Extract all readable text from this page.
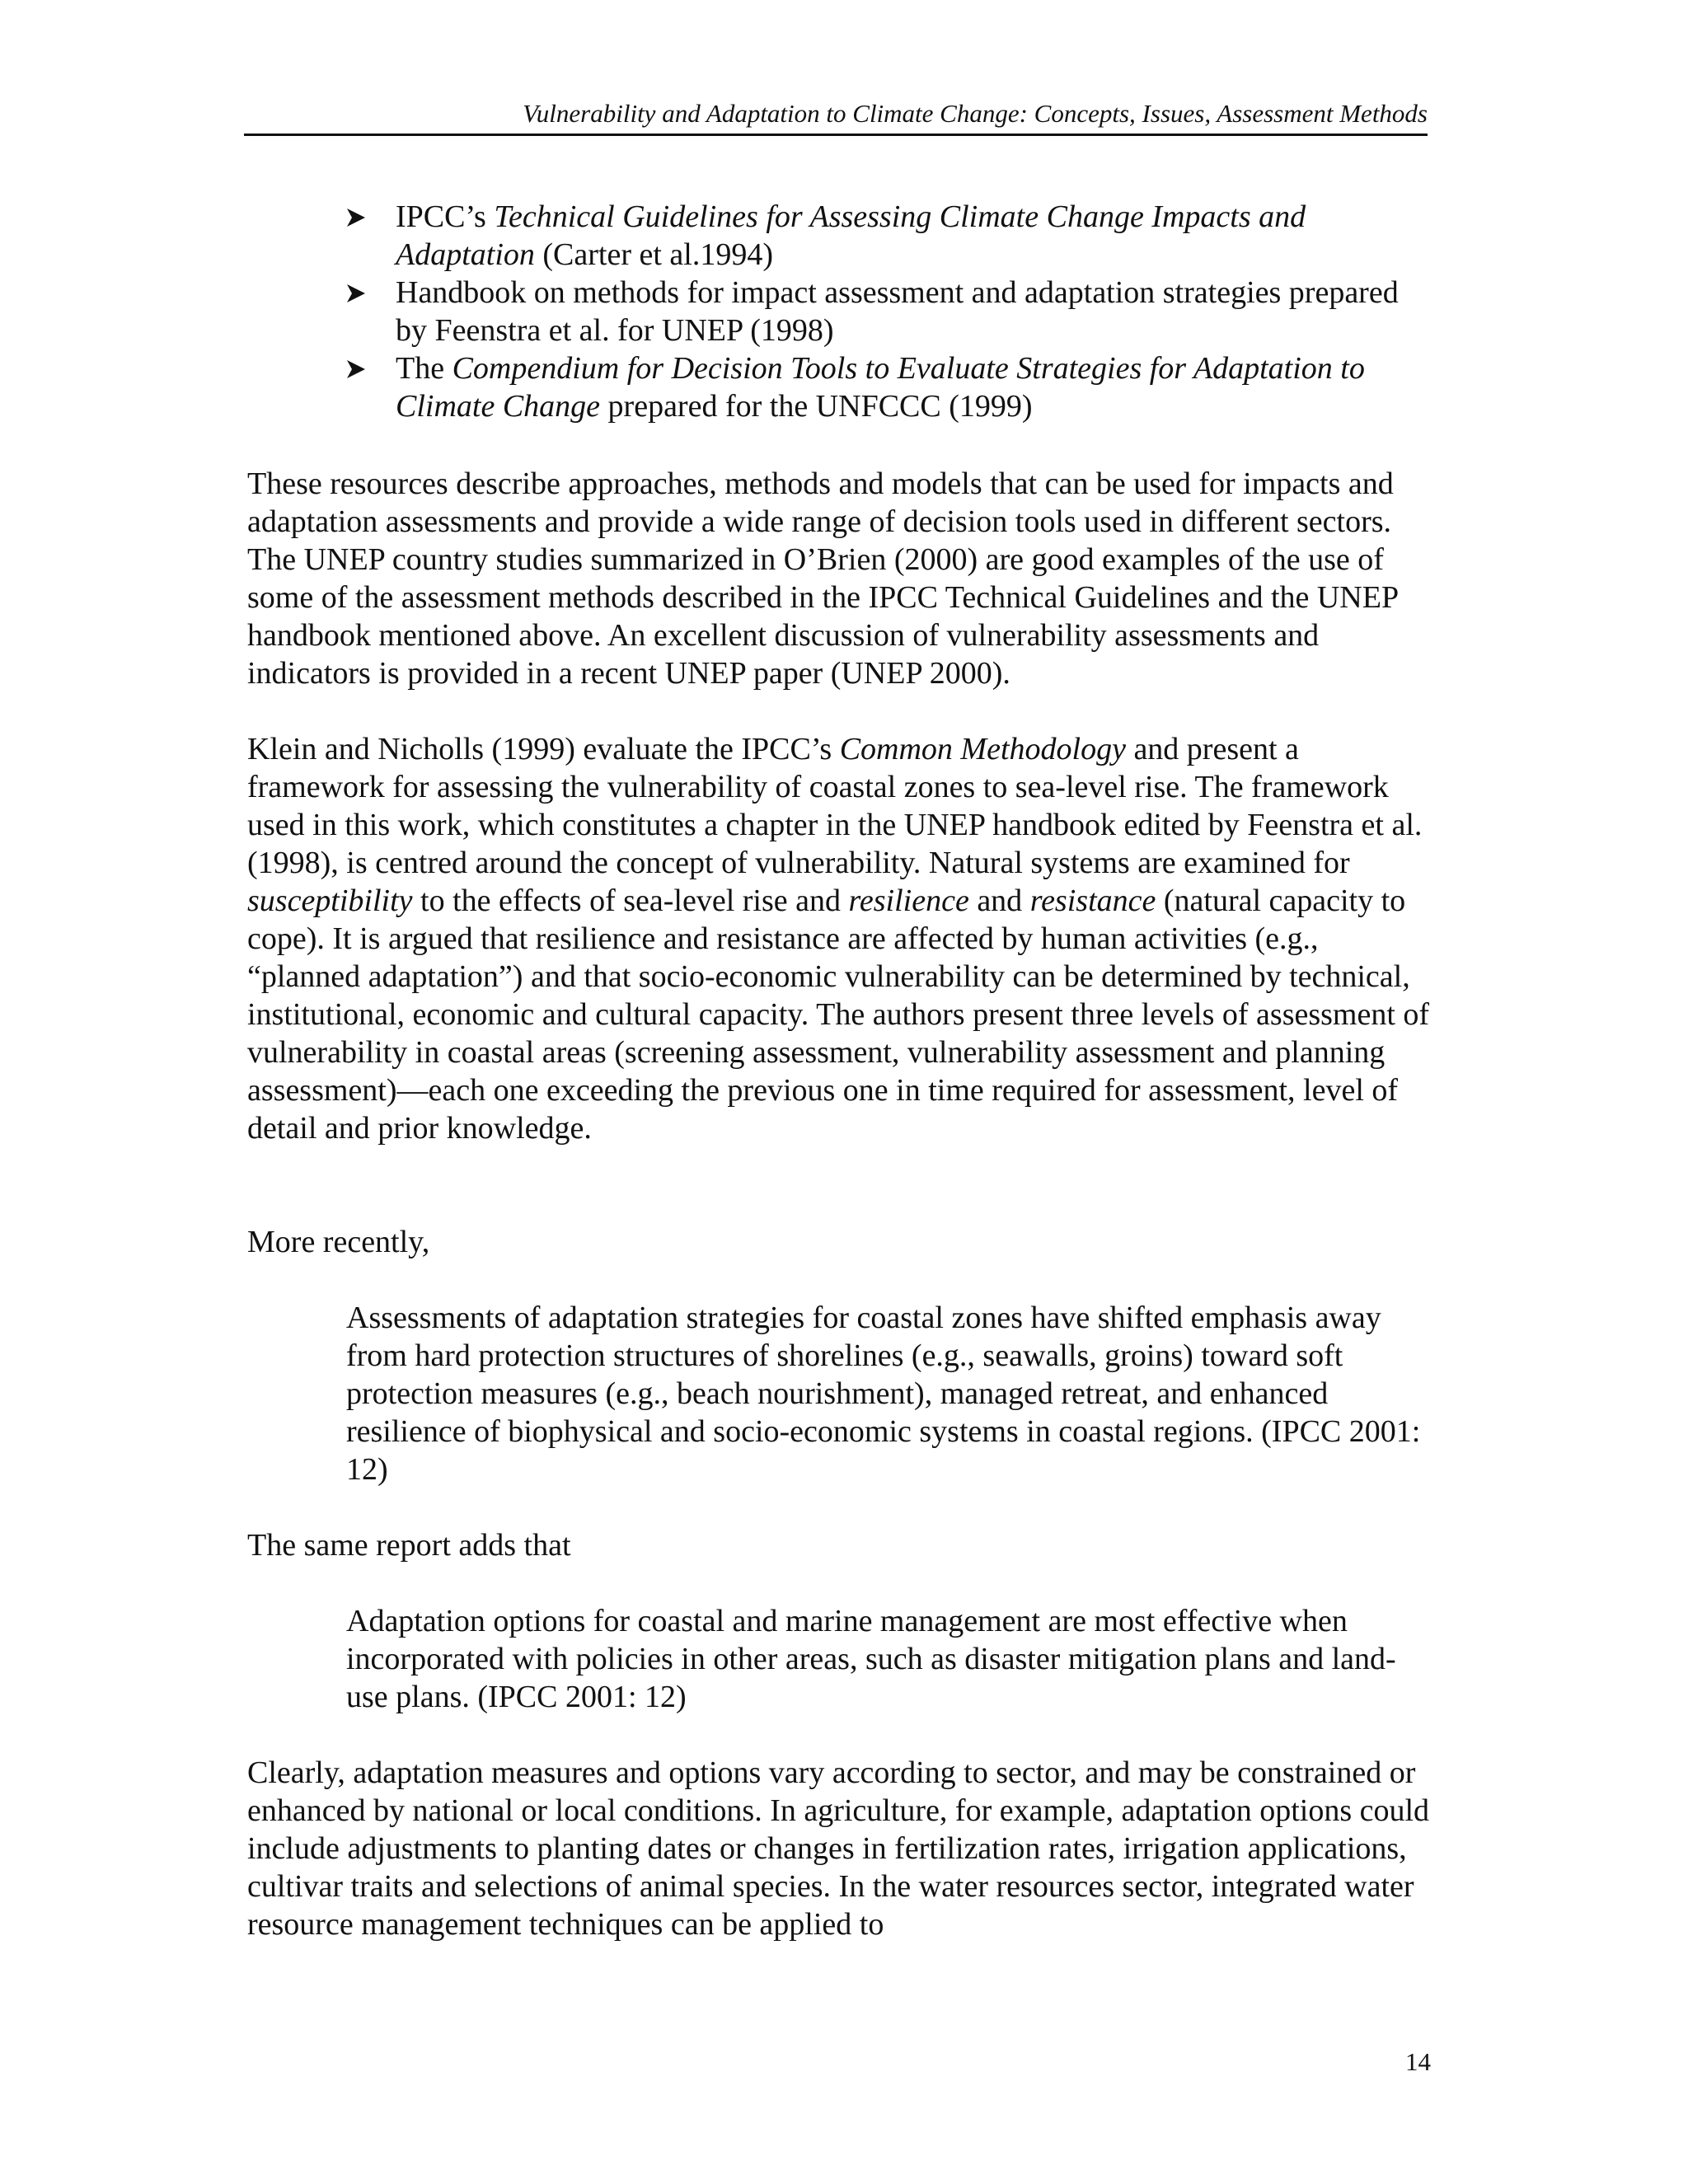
Vulnerability and Adaptation to Climate Change: Concepts, Issues, Assessment Methods
IPCC’s Technical Guidelines for Assessing Climate Change Impacts and Adaptation (Carter et al.1994)
Handbook on methods for impact assessment and adaptation strategies prepared by Feenstra et al. for UNEP (1998)
The Compendium for Decision Tools to Evaluate Strategies for Adaptation to Climate Change prepared for the UNFCCC (1999)

These resources describe approaches, methods and models that can be used for impacts and adaptation assessments and provide a wide range of decision tools used in different sectors. The UNEP country studies summarized in O’Brien (2000) are good examples of the use of some of the assessment methods described in the IPCC Technical Guidelines and the UNEP handbook mentioned above. An excellent discussion of vulnerability assessments and indicators is provided in a recent UNEP paper (UNEP 2000).

Klein and Nicholls (1999) evaluate the IPCC’s Common Methodology and present a framework for assessing the vulnerability of coastal zones to sea-level rise. The framework used in this work, which constitutes a chapter in the UNEP handbook edited by Feenstra et al. (1998), is centred around the concept of vulnerability. Natural systems are examined for susceptibility to the effects of sea-level rise and resilience and resistance (natural capacity to cope). It is argued that resilience and resistance are affected by human activities (e.g., “planned adaptation”) and that socio-economic vulnerability can be determined by technical, institutional, economic and cultural capacity. The authors present three levels of assessment of vulnerability in coastal areas (screening assessment, vulnerability assessment and planning assessment)—each one exceeding the previous one in time required for assessment, level of detail and prior knowledge.

More recently,

Assessments of adaptation strategies for coastal zones have shifted emphasis away from hard protection structures of shorelines (e.g., seawalls, groins) toward soft protection measures (e.g., beach nourishment), managed retreat, and enhanced resilience of biophysical and socio-economic systems in coastal regions. (IPCC 2001: 12)

The same report adds that

Adaptation options for coastal and marine management are most effective when incorporated with policies in other areas, such as disaster mitigation plans and land-use plans. (IPCC 2001: 12)

Clearly, adaptation measures and options vary according to sector, and may be constrained or enhanced by national or local conditions. In agriculture, for example, adaptation options could include adjustments to planting dates or changes in fertilization rates, irrigation applications, cultivar traits and selections of animal species. In the water resources sector, integrated water resource management techniques can be applied to

14
